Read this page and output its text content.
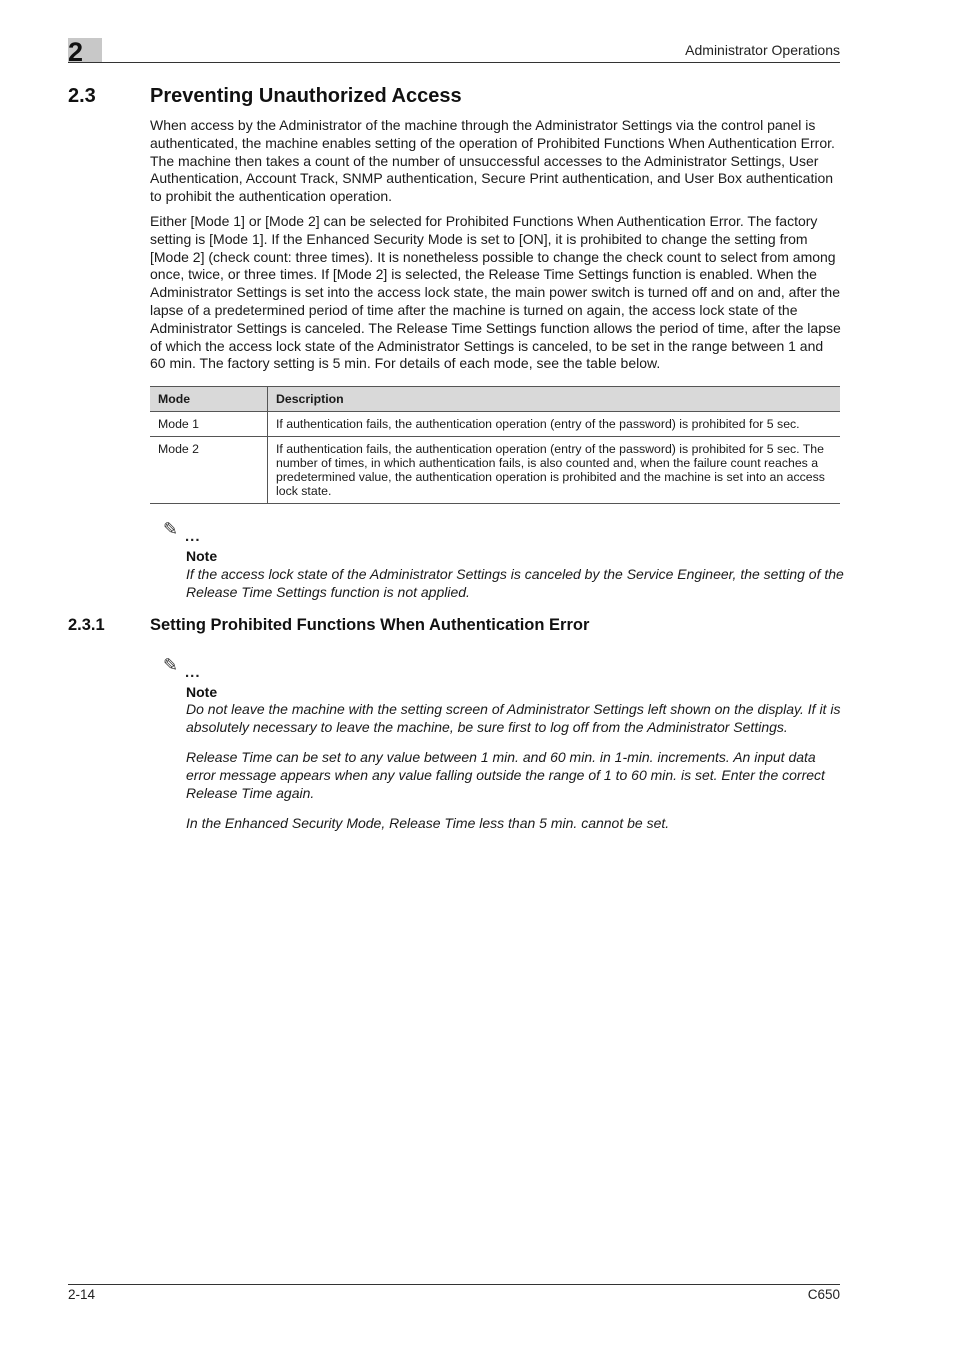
2	Administrator Operations
2.3	Preventing Unauthorized Access
When access by the Administrator of the machine through the Administrator Settings via the control panel is authenticated, the machine enables setting of the operation of Prohibited Functions When Authentication Error. The machine then takes a count of the number of unsuccessful accesses to the Administrator Settings, User Authentication, Account Track, SNMP authentication, Secure Print authentication, and User Box authentication to prohibit the authentication operation.
Either [Mode 1] or [Mode 2] can be selected for Prohibited Functions When Authentication Error. The factory setting is [Mode 1]. If the Enhanced Security Mode is set to [ON], it is prohibited to change the setting from [Mode 2] (check count: three times). It is nonetheless possible to change the check count to select from among once, twice, or three times. If [Mode 2] is selected, the Release Time Settings function is enabled. When the Administrator Settings is set into the access lock state, the main power switch is turned off and on and, after the lapse of a predetermined period of time after the machine is turned on again, the access lock state of the Administrator Settings is canceled. The Release Time Settings function allows the period of time, after the lapse of which the access lock state of the Administrator Settings is canceled, to be set in the range between 1 and 60 min. The factory setting is 5 min. For details of each mode, see the table below.
Mode	Description
Mode 1	If authentication fails, the authentication operation (entry of the password) is prohibited for 5 sec.
Mode 2	If authentication fails, the authentication operation (entry of the password) is prohibited for 5 sec. The number of times, in which authentication fails, is also counted and, when the failure count reaches a predetermined value, the authentication operation is prohibited and the machine is set into an access lock state.
✎ ...
Note
If the access lock state of the Administrator Settings is canceled by the Service Engineer, the setting of the Release Time Settings function is not applied.
2.3.1	Setting Prohibited Functions When Authentication Error
✎ ...
Note
Do not leave the machine with the setting screen of Administrator Settings left shown on the display. If it is absolutely necessary to leave the machine, be sure first to log off from the Administrator Settings.
Release Time can be set to any value between 1 min. and 60 min. in 1-min. increments. An input data error message appears when any value falling outside the range of 1 to 60 min. is set. Enter the correct Release Time again.
In the Enhanced Security Mode, Release Time less than 5 min. cannot be set.
2-14	C650
